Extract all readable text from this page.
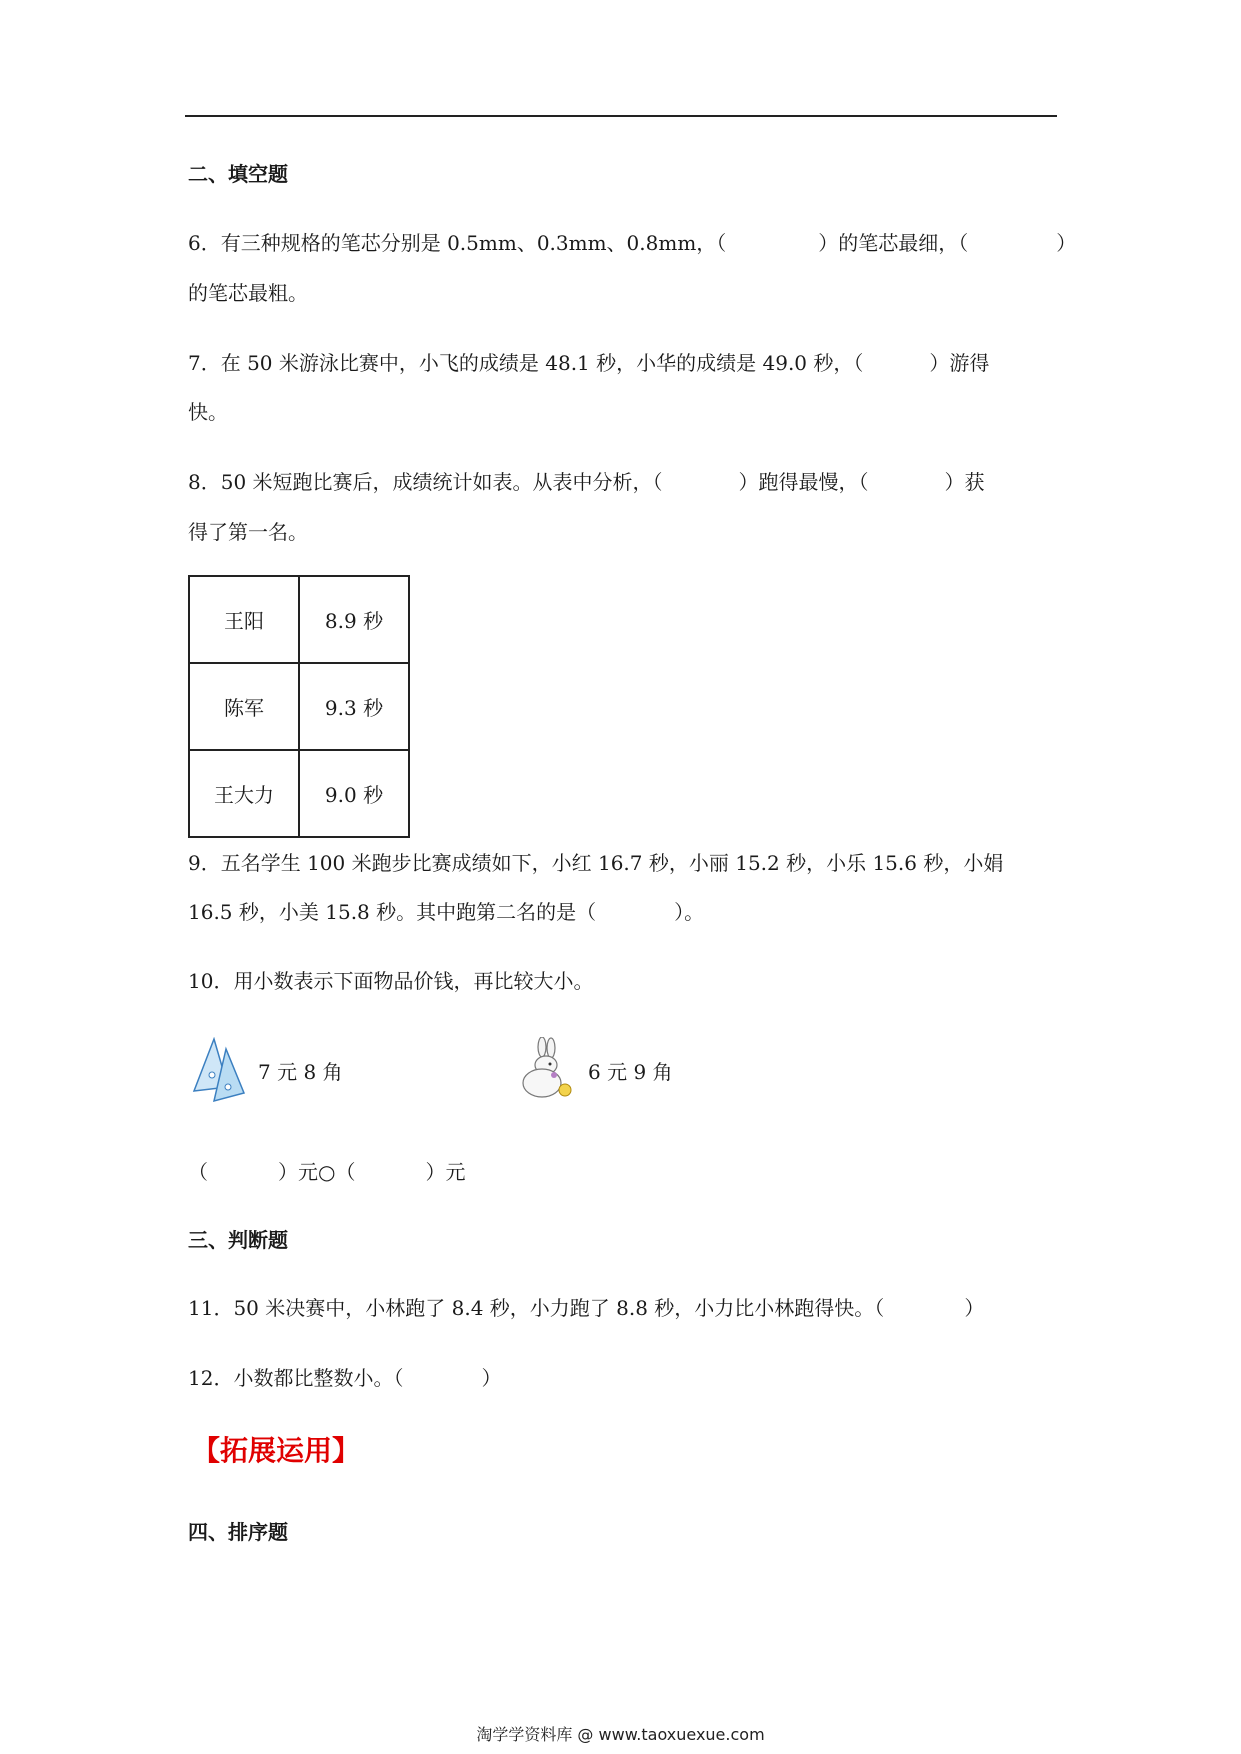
二、填空题
6．有三种规格的笔芯分别是 0.5mm、0.3mm、0.8mm，（	）的笔芯最细，（	）
的笔芯最粗。
7．在 50 米游泳比赛中，小飞的成绩是 48.1 秒，小华的成绩是 49.0 秒，（	）游得
快。
8．50 米短跑比赛后，成绩统计如表。从表中分析，（	）跑得最慢，（	）获
得了第一名。
王阳	8.9 秒
陈军	9.3 秒
王大力	9.0 秒
9．五名学生 100 米跑步比赛成绩如下，小红 16.7 秒，小丽 15.2 秒，小乐 15.6 秒，小娟
16.5 秒，小美 15.8 秒。其中跑第二名的是（	）。
10．用小数表示下面物品价钱，再比较大小。
7 元 8 角	6 元 9 角
（	）元○（	）元
三、判断题
11．50 米决赛中，小林跑了 8.4 秒，小力跑了 8.8 秒，小力比小林跑得快。（	）
12．小数都比整数小。（	）
【拓展运用】
四、排序题
淘学学资料库 @ www.taoxuexue.com
